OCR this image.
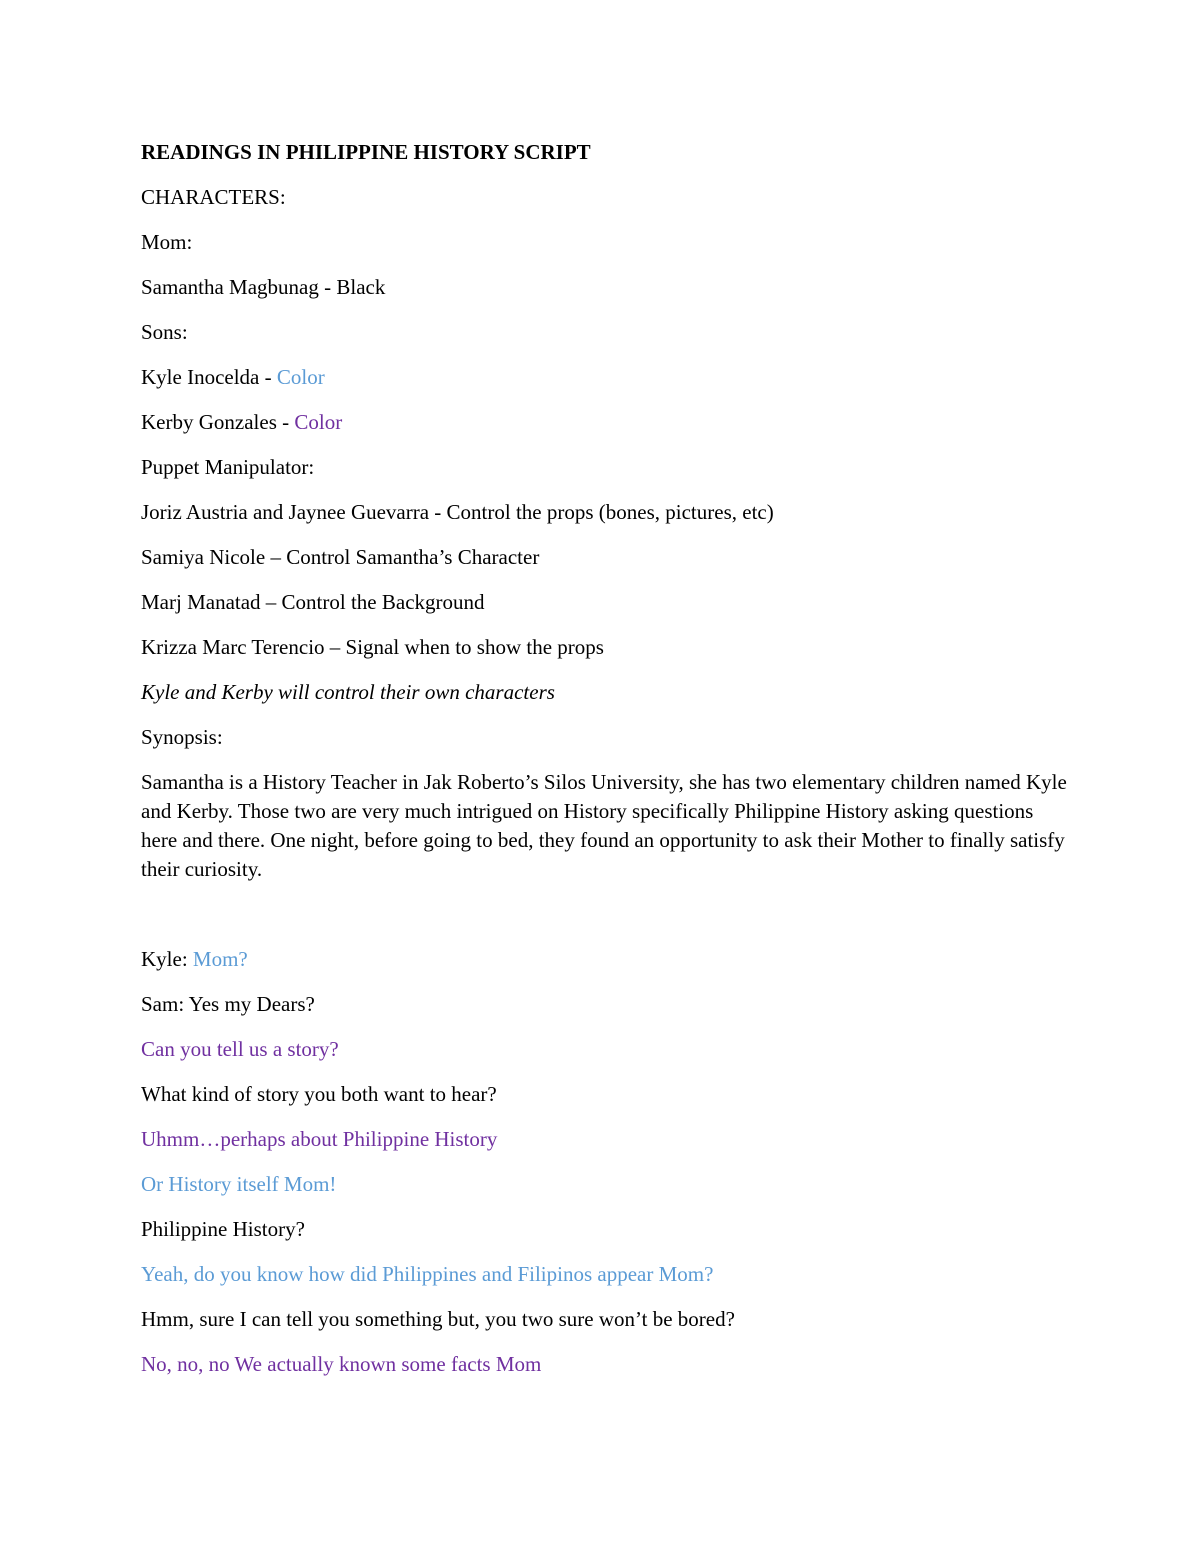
READINGS IN PHILIPPINE HISTORY SCRIPT

CHARACTERS:

Mom:

Samantha Magbunag - Black

Sons:

Kyle Inocelda - Color

Kerby Gonzales - Color

Puppet Manipulator:

Joriz Austria and Jaynee Guevarra - Control the props (bones, pictures, etc)

Samiya Nicole – Control Samantha’s Character

Marj Manatad – Control the Background

Krizza Marc Terencio – Signal when to show the props

Kyle and Kerby will control their own characters

Synopsis:

Samantha is a History Teacher in Jak Roberto’s Silos University, she has two elementary children named Kyle and Kerby. Those two are very much intrigued on History specifically Philippine History asking questions here and there. One night, before going to bed, they found an opportunity to ask their Mother to finally satisfy their curiosity.

Kyle: Mom?

Sam: Yes my Dears?

Can you tell us a story?

What kind of story you both want to hear?

Uhmm…perhaps about Philippine History

Or History itself Mom!

Philippine History?

Yeah, do you know how did Philippines and Filipinos appear Mom?

Hmm, sure I can tell you something but, you two sure won’t be bored?

No, no, no We actually known some facts Mom
